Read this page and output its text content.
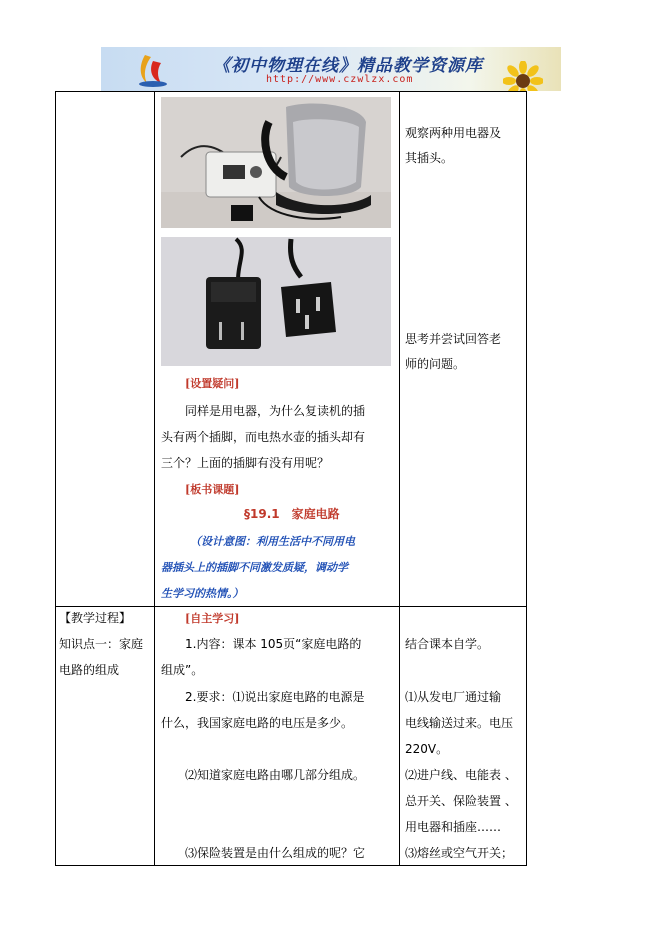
《初中物理在线》精品教学资源库
http://www.czwlzx.com
[设置疑问]
同样是用电器，为什么复读机的插
头有两个插脚，而电热水壶的插头却有
三个？上面的插脚有没有用呢？
[板书课题]
§19.1　家庭电路
（设计意图：利用生活中不同用电
器插头上的插脚不同激发质疑，调动学
生学习的热情。）
观察两种用电器及
其插头。
思考并尝试回答老
师的问题。
【教学过程】
知识点一：家庭
电路的组成
[自主学习]
1.内容：课本 105页“家庭电路的
组成”。
2.要求：⑴说出家庭电路的电源是
什么，我国家庭电路的电压是多少。
⑵知道家庭电路由哪几部分组成。
⑶保险装置是由什么组成的呢？它
结合课本自学。
⑴从发电厂通过输
电线输送过来。电压
220V。
⑵进户线、电能表 、
总开关、保险装置 、
用电器和插座……
⑶熔丝或空气开关；
